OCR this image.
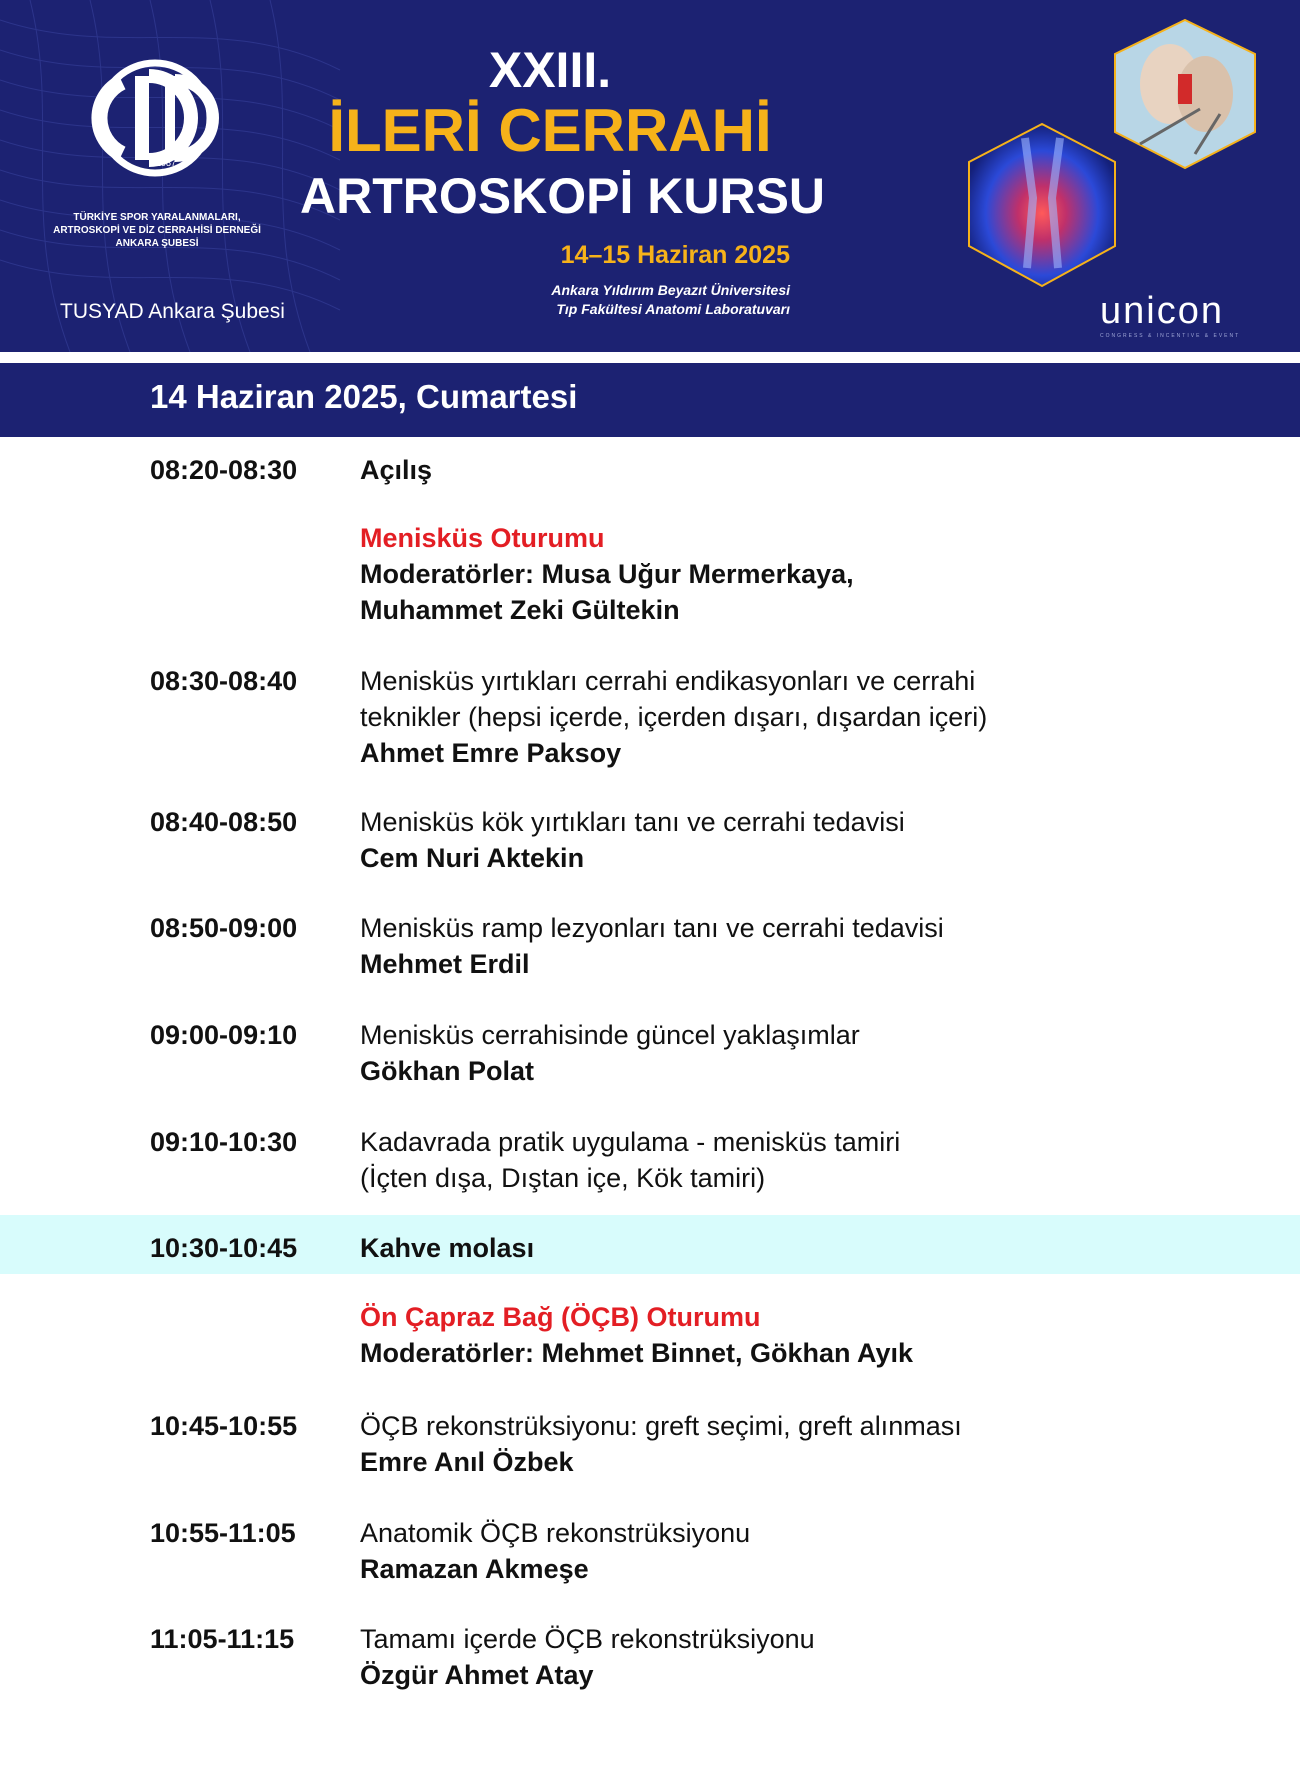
1987
TÜRKİYE SPOR YARALANMALARI,
ARTROSKOPİ VE DİZ CERRAHİSİ DERNEĞİ
ANKARA ŞUBESİ
TUSYAD Ankara Şubesi
XXIII.
İLERİ CERRAHİ
ARTROSKOPİ KURSU
14–15 Haziran 2025
Ankara Yıldırım Beyazıt Üniversitesi
Tıp Fakültesi Anatomi Laboratuvarı	unicon
CONGRESS & INCENTIVE & EVENT
14 Haziran 2025, Cumartesi
08:20-08:30 Açılış
Menisküs Oturumu
Moderatörler: Musa Uğur Mermerkaya,
Muhammet Zeki Gültekin
08:30-08:40 Menisküs yırtıkları cerrahi endikasyonları ve cerrahi
teknikler (hepsi içerde, içerden dışarı, dışardan içeri)
Ahmet Emre Paksoy
08:40-08:50 Menisküs kök yırtıkları tanı ve cerrahi tedavisi
Cem Nuri Aktekin
08:50-09:00 Menisküs ramp lezyonları tanı ve cerrahi tedavisi
Mehmet Erdil
09:00-09:10 Menisküs cerrahisinde güncel yaklaşımlar
Gökhan Polat
09:10-10:30 Kadavrada pratik uygulama - menisküs tamiri
(İçten dışa, Dıştan içe, Kök tamiri)
10:30-10:45 Kahve molası
Ön Çapraz Bağ (ÖÇB) Oturumu
Moderatörler: Mehmet Binnet, Gökhan Ayık
10:45-10:55 ÖÇB rekonstrüksiyonu: greft seçimi, greft alınması
Emre Anıl Özbek
10:55-11:05 Anatomik ÖÇB rekonstrüksiyonu
Ramazan Akmeşe
11:05-11:15 Tamamı içerde ÖÇB rekonstrüksiyonu
Özgür Ahmet Atay
